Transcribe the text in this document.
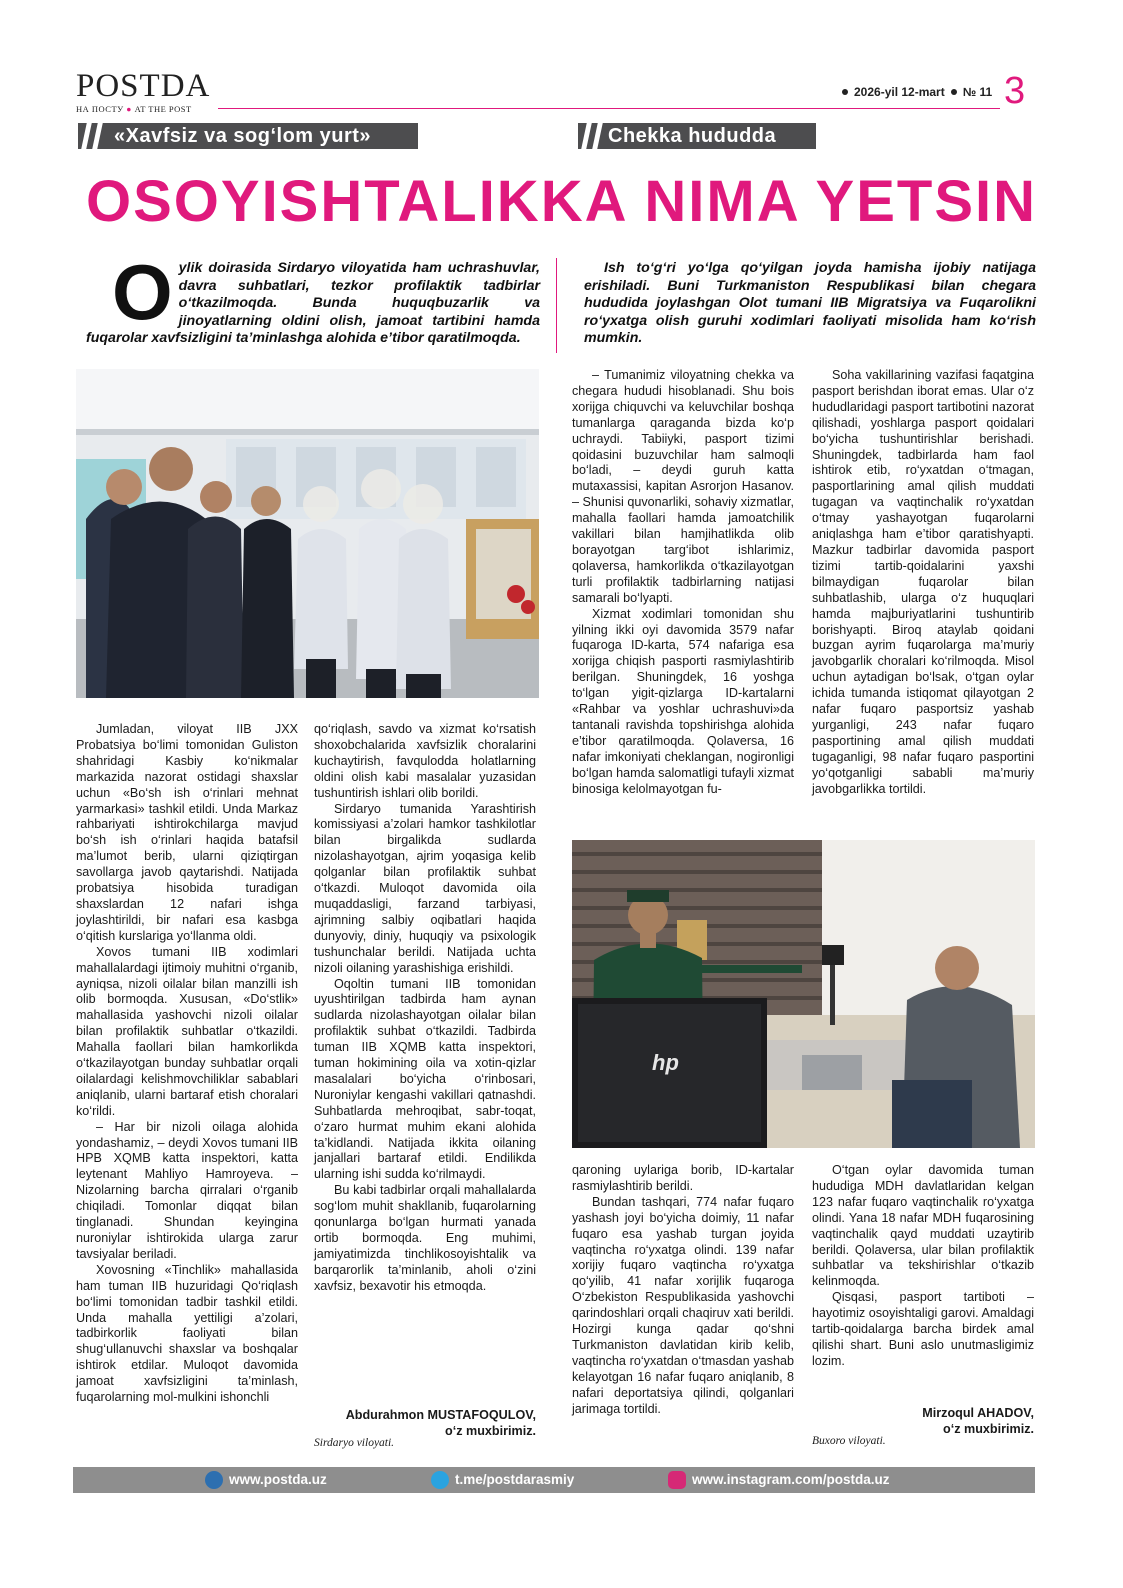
POSTDA
НА ПОСТУ ● AT THE POST
2026-yil 12-mart № 11 3
«Xavfsiz va sog‘lom yurt»	Chekka hududda
OSOYISHTALIKKA NIMA YETSIN
Oylik doirasida Sirdaryo viloyatida ham uchrashuvlar, davra suhbatlari, tezkor profilaktik tadbirlar o‘tkazilmoqda. Bunda huquqbuzarlik va jinoyatlarning oldini olish, jamoat tartibini hamda fuqarolar xavfsizligini ta’minlashga alohida e’tibor qaratilmoqda.
Ish to‘g‘ri yo‘lga qo‘yilgan joyda hamisha ijobiy natijaga erishiladi. Buni Turkmaniston Respublikasi bilan chegara hududida joylashgan Olot tumani IIB Migratsiya va Fuqarolikni ro‘yxatga olish guruhi xodimlari faoliyati misolida ham ko‘rish mumkin.

Jumladan, viloyat IIB JXX Probatsiya bo‘limi tomonidan Guliston shahridagi Kasbiy ko‘nikmalar markazida nazorat ostidagi shaxslar uchun «Bo‘sh ish o‘rinlari mehnat yarmarkasi» tashkil etildi. Unda Markaz rahbariyati ishtirokchilarga mavjud bo‘sh ish o‘rinlari haqida batafsil ma’lumot berib, ularni qiziqtirgan savollarga javob qaytarishdi. Natijada probatsiya hisobida turadigan shaxslardan 12 nafari ishga joylashtirildi, bir nafari esa kasbga o‘qitish kurslariga yo‘llanma oldi.

Xovos tumani IIB xodimlari mahallalardagi ijtimoiy muhitni o‘rganib, ayniqsa, nizoli oilalar bilan manzilli ish olib bormoqda. Xususan, «Do‘stlik» mahallasida yashovchi nizoli oilalar bilan profilaktik suhbatlar o‘tkazildi. Mahalla faollari bilan hamkorlikda o‘tkazilayotgan bunday suhbatlar orqali oilalardagi kelishmovchiliklar sabablari aniqlanib, ularni bartaraf etish choralari ko‘rildi.

– Har bir nizoli oilaga alohida yondashamiz, – deydi Xovos tumani IIB HPB XQMB katta inspektori, katta leytenant Mahliyo Hamroyeva. – Nizolarning barcha qirralari o‘rganib chiqiladi. Tomonlar diqqat bilan tinglanadi. Shundan keyingina nuroniylar ishtirokida ularga zarur tavsiyalar beriladi.

Xovosning «Tinchlik» mahallasida ham tuman IIB huzuridagi Qo‘riqlash bo‘limi tomonidan tadbir tashkil etildi. Unda mahalla yettiligi a’zolari, tadbirkorlik faoliyati bilan shug‘ullanuvchi shaxslar va boshqalar ishtirok etdilar. Muloqot davomida jamoat xavfsizligini ta’minlash, fuqarolarning mol-mulkini ishonchli

qo‘riqlash, savdo va xizmat ko‘rsatish shoxobchalarida xavfsizlik choralarini kuchaytirish, favqulodda holatlarning oldini olish kabi masalalar yuzasidan tushuntirish ishlari olib borildi.

Sirdaryo tumanida Yarashtirish komissiyasi a’zolari hamkor tashkilotlar bilan birgalikda sudlarda nizolashayotgan, ajrim yoqasiga kelib qolganlar bilan profilaktik suhbat o‘tkazdi. Muloqot davomida oila muqaddasligi, farzand tarbiyasi, ajrimning salbiy oqibatlari haqida dunyoviy, diniy, huquqiy va psixologik tushunchalar berildi. Natijada uchta nizoli oilaning yarashishiga erishildi.

Oqoltin tumani IIB tomonidan uyushtirilgan tadbirda ham aynan sudlarda nizolashayotgan oilalar bilan profilaktik suhbat o‘tkazildi. Tadbirda tuman IIB XQMB katta inspektori, tuman hokimining oila va xotin-qizlar masalalari bo‘yicha o‘rinbosari, Nuroniylar kengashi vakillari qatnashdi. Suhbatlarda mehroqibat, sabr-toqat, o‘zaro hurmat muhim ekani alohida ta’kidlandi. Natijada ikkita oilaning janjallari bartaraf etildi. Endilikda ularning ishi sudda ko‘rilmaydi.

Bu kabi tadbirlar orqali mahallalarda sog‘lom muhit shakllanib, fuqarolarning qonunlarga bo‘lgan hurmati yanada ortib bormoqda. Eng muhimi, jamiyatimizda tinchlikosoyishtalik va barqarorlik ta’minlanib, aholi o‘zini xavfsiz, bexavotir his etmoqda.

Abdurahmon MUSTAFOQULOV,
o‘z muxbirimiz.
Sirdaryo viloyati.

– Tumanimiz viloyatning chekka va chegara hududi hisoblanadi. Shu bois xorijga chiquvchi va keluvchilar boshqa tumanlarga qaraganda bizda ko‘p uchraydi. Tabiiyki, pasport tizimi qoidasini buzuvchilar ham salmoqli bo‘ladi, – deydi guruh katta mutaxassisi, kapitan Asrorjon Hasanov. – Shunisi quvonarliki, sohaviy xizmatlar, mahalla faollari hamda jamoatchilik vakillari bilan hamjihatlikda olib borayotgan targ‘ibot ishlarimiz, qolaversa, hamkorlikda o‘tkazilayotgan turli profilaktik tadbirlarning natijasi samarali bo‘lyapti.

Xizmat xodimlari tomonidan shu yilning ikki oyi davomida 3579 nafar fuqaroga ID-karta, 574 nafariga esa xorijga chiqish pasporti rasmiylashtirib berilgan. Shuningdek, 16 yoshga to‘lgan yigit-qizlarga ID-kartalarni «Rahbar va yoshlar uchrashuvi»da tantanali ravishda topshirishga alohida e’tibor qaratilmoqda. Qolaversa, 16 nafar imkoniyati cheklangan, nogironligi bo‘lgan hamda salomatligi tufayli xizmat binosiga kelolmayotgan fu-

Soha vakillarining vazifasi faqatgina pasport berishdan iborat emas. Ular o‘z hududlaridagi pasport tartibotini nazorat qilishadi, yoshlarga pasport qoidalari bo‘yicha tushuntirishlar berishadi. Shuningdek, tadbirlarda ham faol ishtirok etib, ro‘yxatdan o‘tmagan, pasportlarining amal qilish muddati tugagan va vaqtinchalik ro‘yxatdan o‘tmay yashayotgan fuqarolarni aniqlashga ham e’tibor qaratishyapti. Mazkur tadbirlar davomida pasport tizimi tartib-qoidalarini yaxshi bilmaydigan fuqarolar bilan suhbatlashib, ularga o‘z huquqlari hamda majburiyatlarini tushuntirib borishyapti. Biroq ataylab qoidani buzgan ayrim fuqarolarga ma’muriy javobgarlik choralari ko‘rilmoqda. Misol uchun aytadigan bo‘lsak, o‘tgan oylar ichida tumanda istiqomat qilayotgan 2 nafar fuqaro pasportsiz yashab yurganligi, 243 nafar fuqaro pasportining amal qilish muddati tugaganligi, 98 nafar fuqaro pasportini yo‘qotganligi sababli ma’muriy javobgarlikka tortildi.

hp

qaroning uylariga borib, ID-kartalar rasmiylashtirib berildi.

Bundan tashqari, 774 nafar fuqaro yashash joyi bo‘yicha doimiy, 11 nafar fuqaro esa yashab turgan joyida vaqtincha ro‘yxatga olindi. 139 nafar xorijiy fuqaro vaqtincha ro‘yxatga qo‘yilib, 41 nafar xorijlik fuqaroga O‘zbekiston Respublikasida yashovchi qarindoshlari orqali chaqiruv xati berildi. Hozirgi kunga qadar qo‘shni Turkmaniston davlatidan kirib kelib, vaqtincha ro‘yxatdan o‘tmasdan yashab kelayotgan 16 nafar fuqaro aniqlanib, 8 nafari deportatsiya qilindi, qolganlari jarimaga tortildi.

O‘tgan oylar davomida tuman hududiga MDH davlatlaridan kelgan 123 nafar fuqaro vaqtinchalik ro‘yxatga olindi. Yana 18 nafar MDH fuqarosining vaqtinchalik qayd muddati uzaytirib berildi. Qolaversa, ular bilan profilaktik suhbatlar va tekshirishlar o‘tkazib kelinmoqda.

Qisqasi, pasport tartiboti – hayotimiz osoyishtaligi garovi. Amaldagi tartib-qoidalarga barcha birdek amal qilishi shart. Buni aslo unutmasligimiz lozim.

Mirzoqul AHADOV,
o‘z muxbirimiz.
Buxoro viloyati.
www.postda.uz	t.me/postdarasmiy	www.instagram.com/postda.uz
